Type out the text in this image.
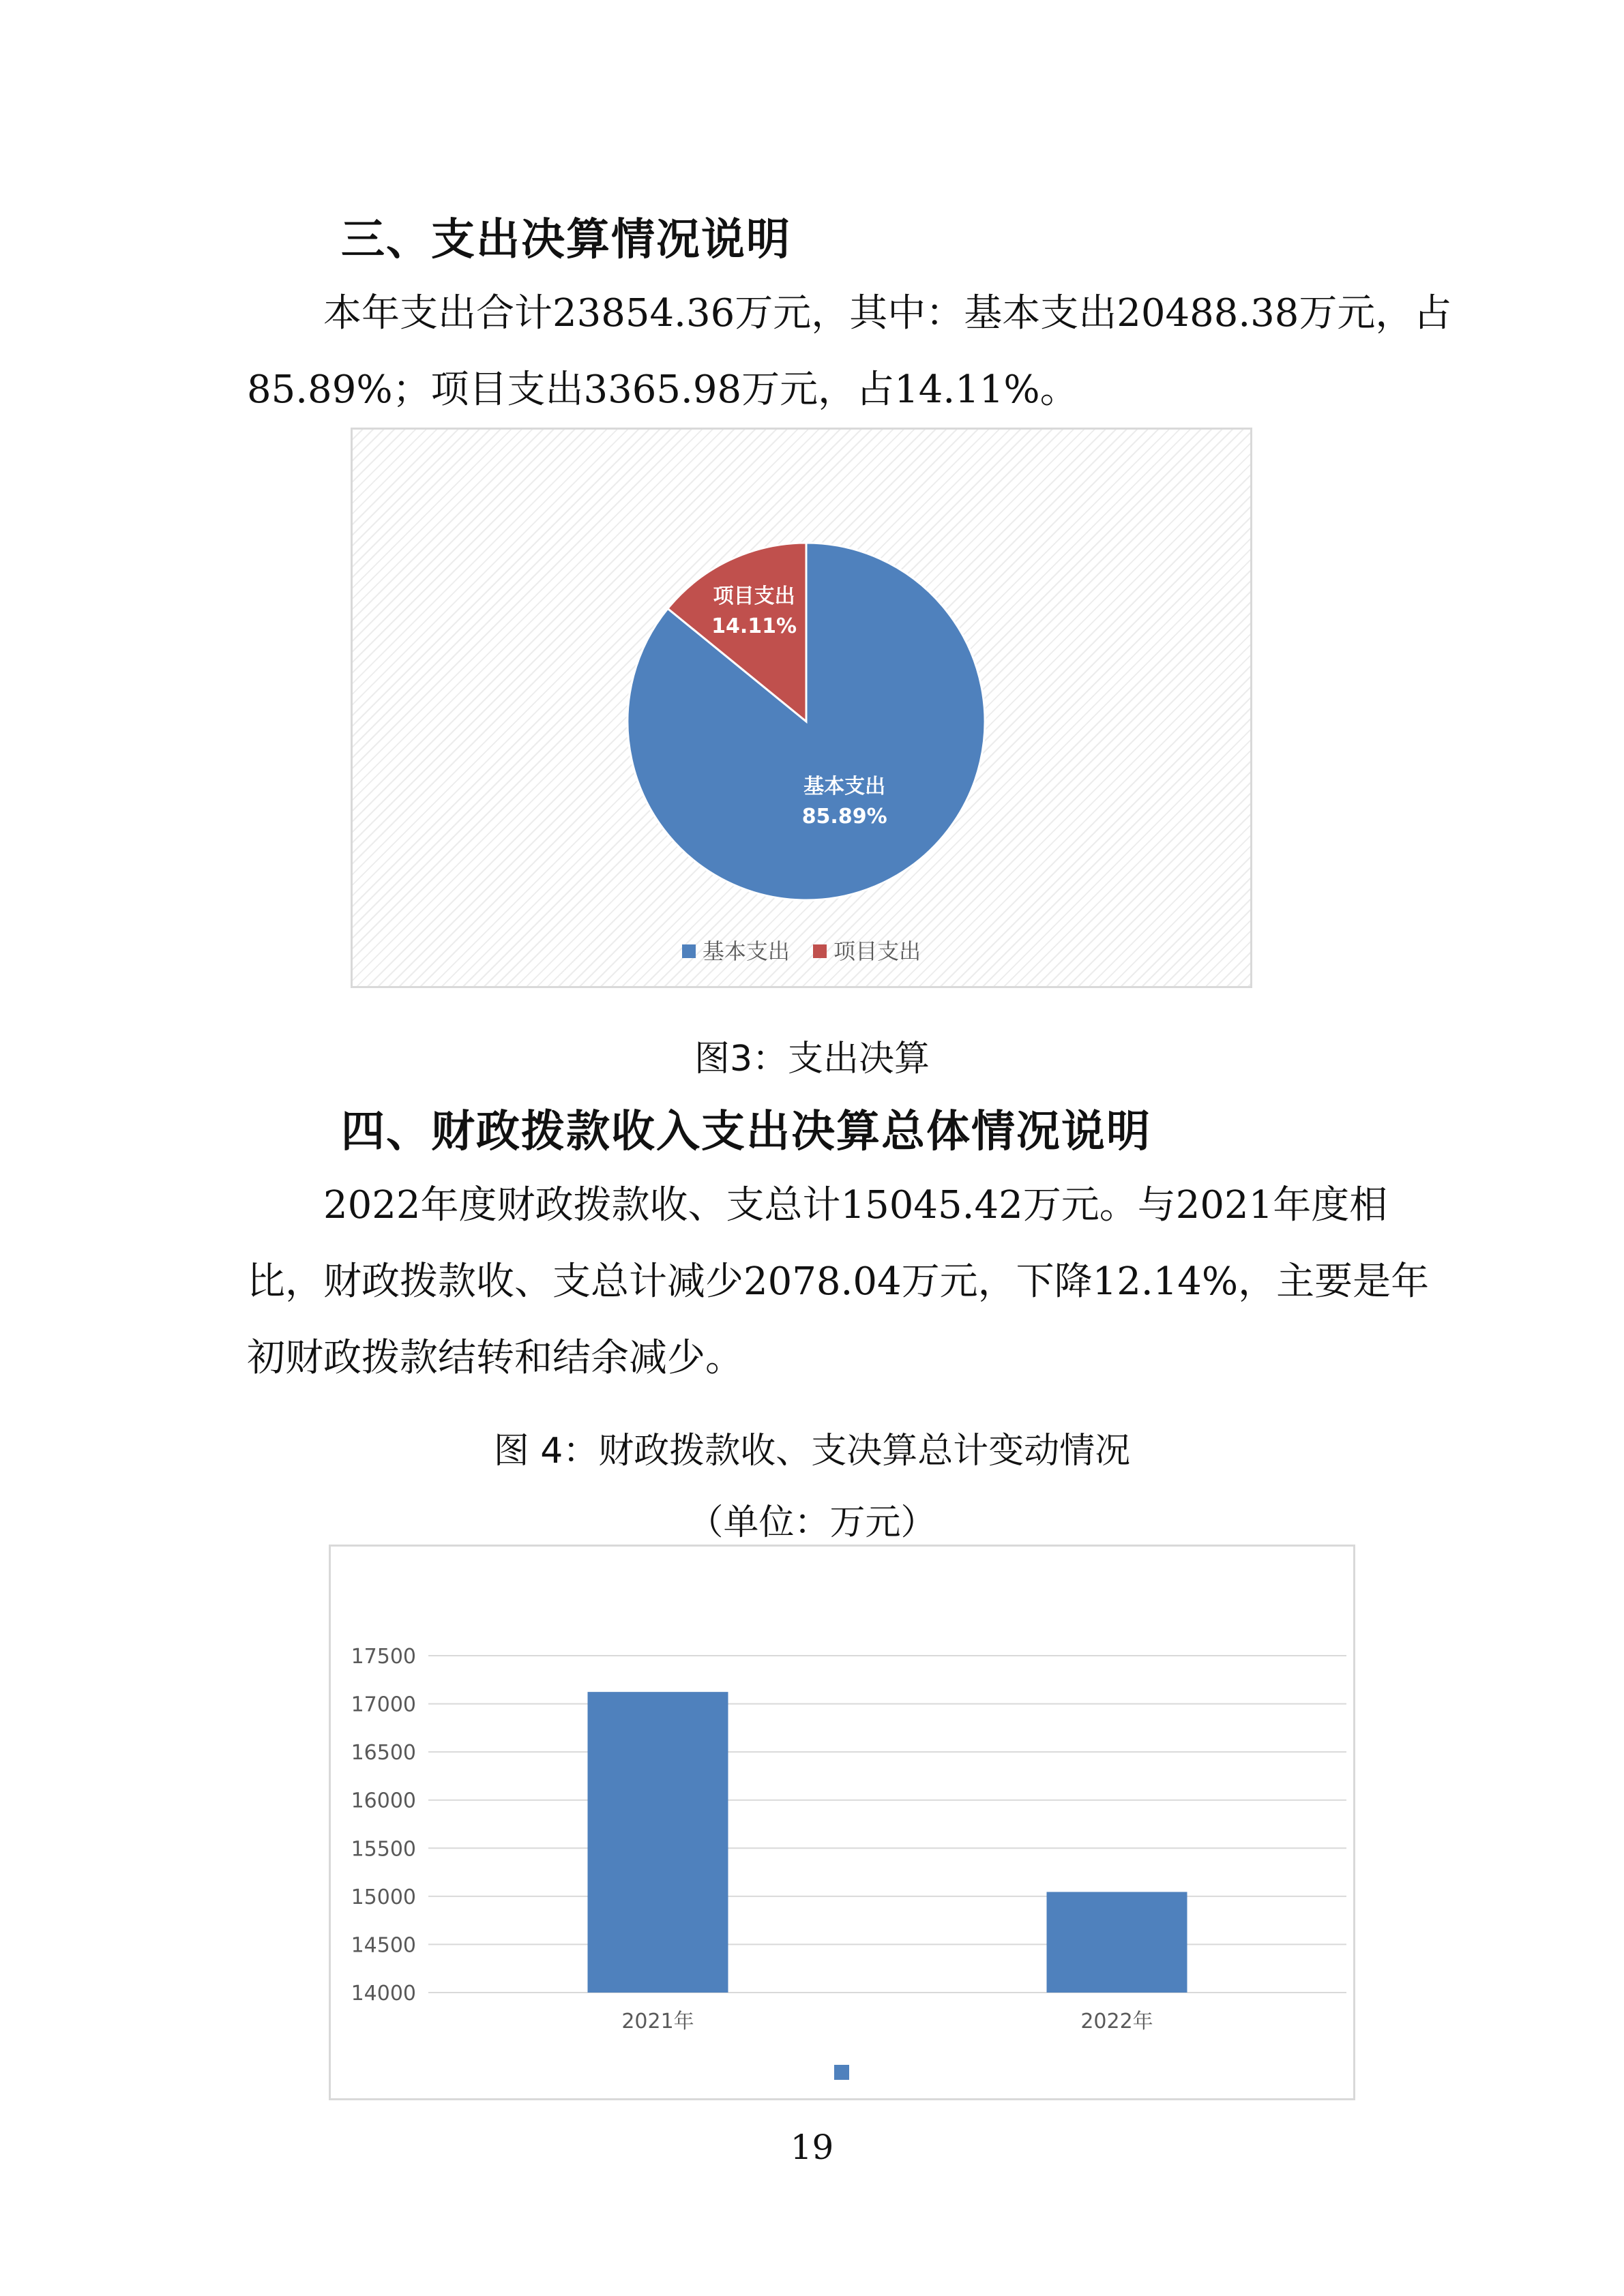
三、支出决算情况说明

本年支出合计23854.36万元，其中：基本支出20488.38万元，占85.89%；项目支出3365.98万元，占14.11%。

基本支出
85.89%
项目支出
14.11%
基本支出 项目支出

图3：支出决算

四、财政拨款收入支出决算总体情况说明

2022年度财政拨款收、支总计15045.42万元。与2021年度相比，财政拨款收、支总计减少2078.04万元，下降12.14%，主要是年初财政拨款结转和结余减少。

图 4：财政拨款收、支决算总计变动情况

（单位：万元）

14000
14500
15000
15500
16000
16500
17000
17500
2021年	2022年

19
